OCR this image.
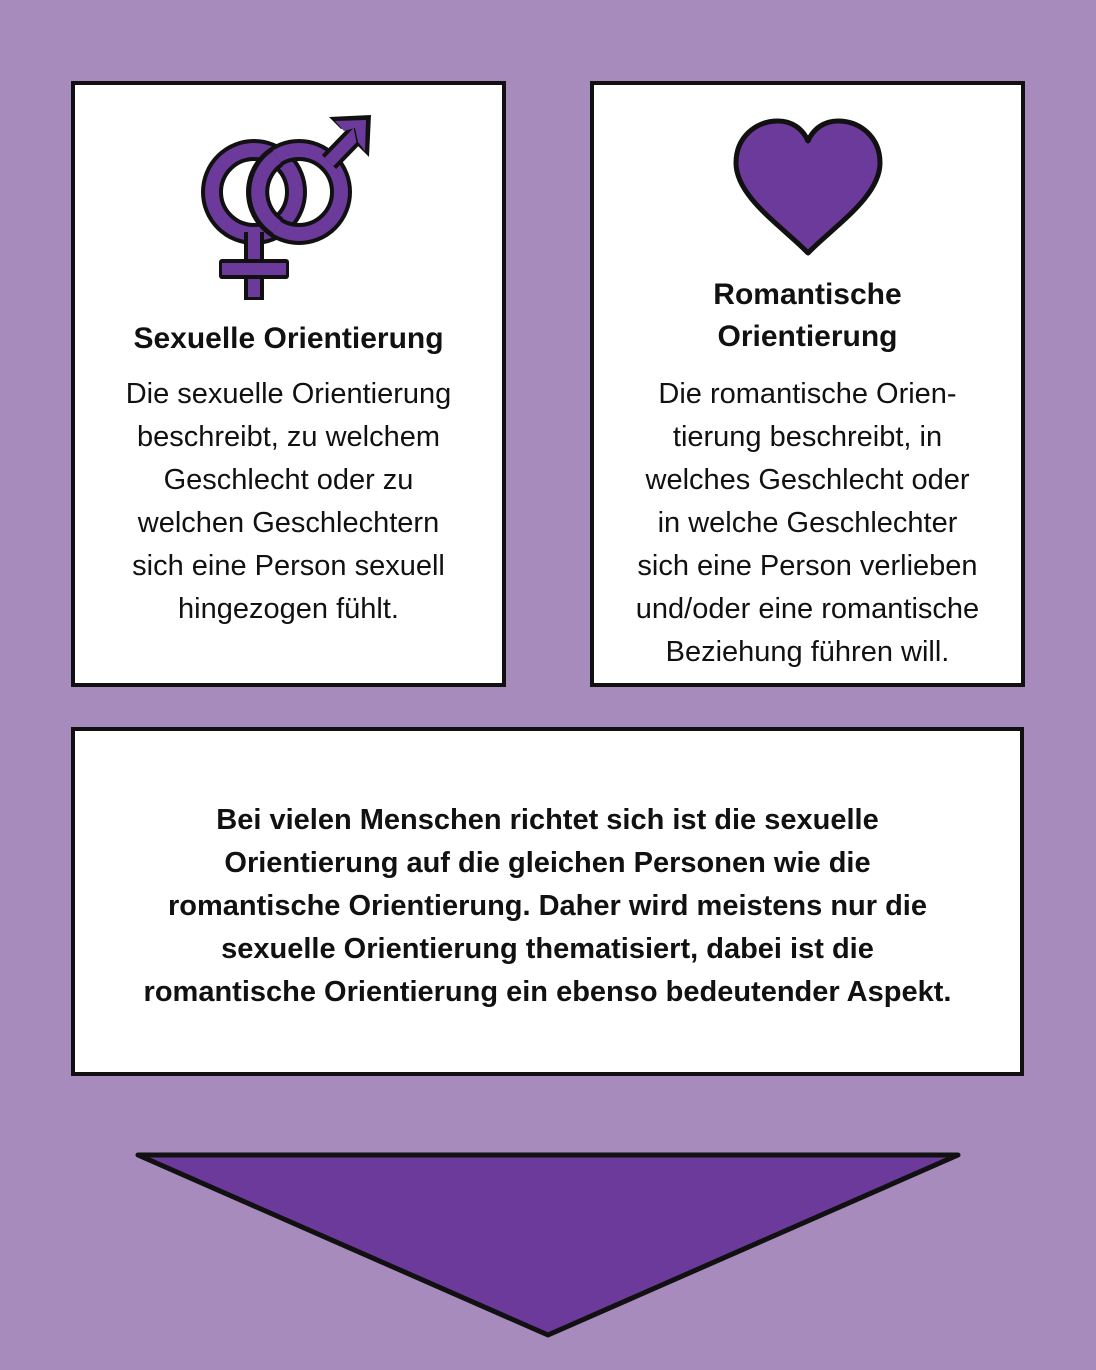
Sexuelle Orientierung

Die sexuelle Orientierung
beschreibt, zu welchem
Geschlecht oder zu
welchen Geschlechtern
sich eine Person sexuell
hingezogen fühlt.

Romantische
Orientierung

Die romantische Orien-
tierung beschreibt, in
welches Geschlecht oder
in welche Geschlechter
sich eine Person verlieben
und/oder eine romantische
Beziehung führen will.

Bei vielen Menschen richtet sich ist die sexuelle
Orientierung auf die gleichen Personen wie die
romantische Orientierung. Daher wird meistens nur die
sexuelle Orientierung thematisiert, dabei ist die
romantische Orientierung ein ebenso bedeutender Aspekt.
